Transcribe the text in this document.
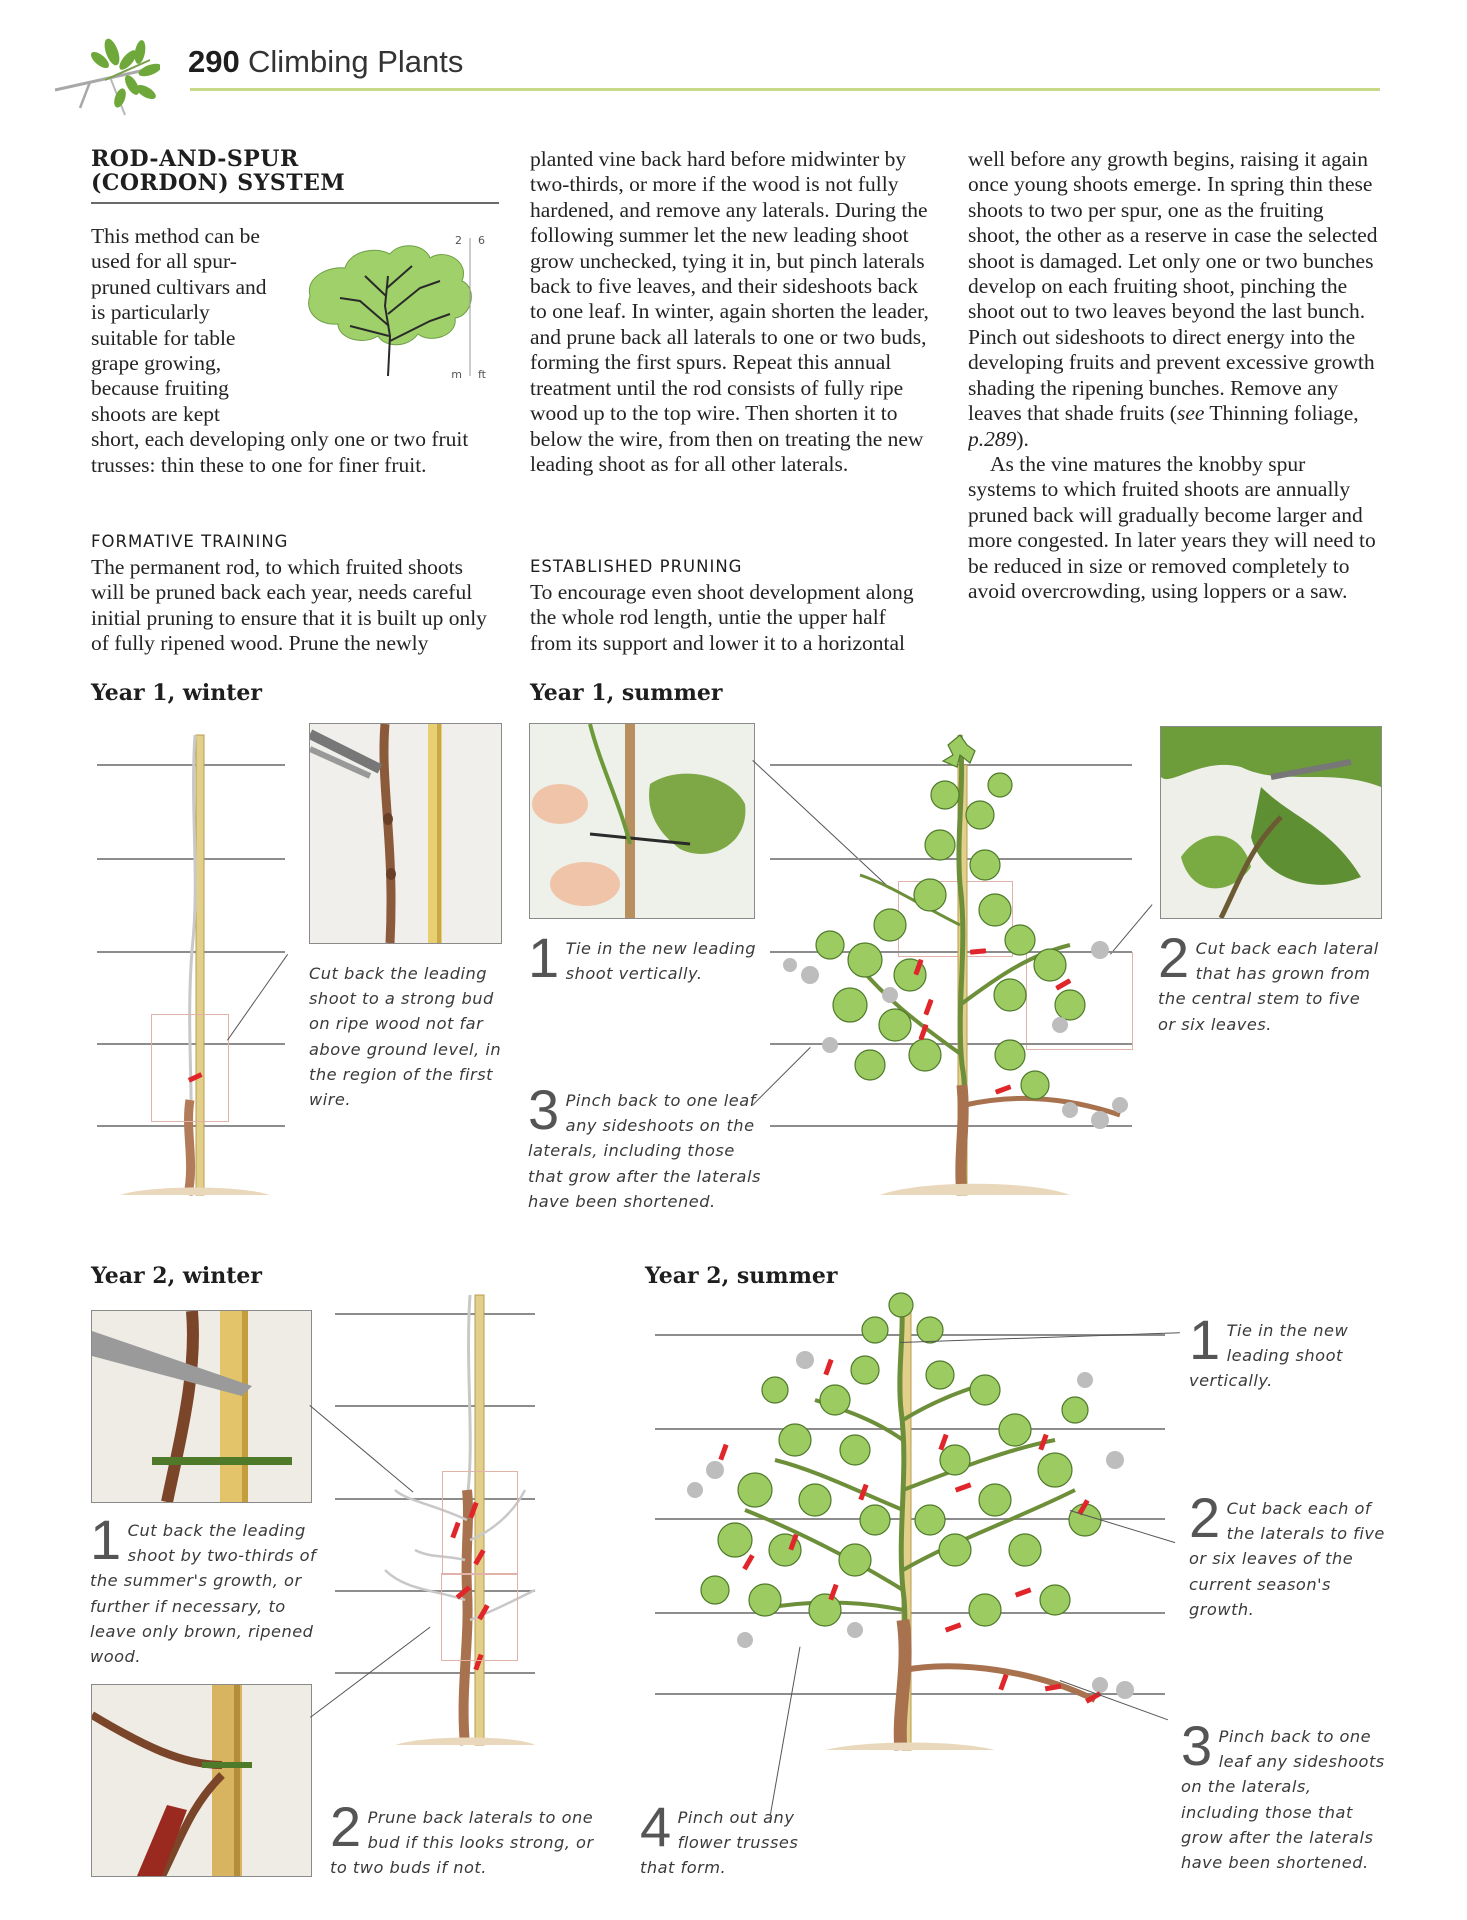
290 Climbing Plants
ROD-AND-SPUR (CORDON) SYSTEM
2 6
m ft

This method can be used for all spur-pruned cultivars and is particularly suitable for table grape growing, because fruiting shoots are kept short, each developing only one or two fruit trusses: thin these to one for finer fruit.

FORMATIVE TRAINING

The permanent rod, to which fruited shoots will be pruned back each year, needs careful initial pruning to ensure that it is built up only of fully ripened wood. Prune the newly

planted vine back hard before midwinter by two-thirds, or more if the wood is not fully hardened, and remove any laterals. During the following summer let the new leading shoot grow unchecked, tying it in, but pinch laterals back to five leaves, and their sideshoots back to one leaf. In winter, again shorten the leader, and prune back all laterals to one or two buds, forming the first spurs. Repeat this annual treatment until the rod consists of fully ripe wood up to the top wire. Then shorten it to below the wire, from then on treating the new leading shoot as for all other laterals.

ESTABLISHED PRUNING

To encourage even shoot development along the whole rod length, untie the upper half from its support and lower it to a horizontal

well before any growth begins, raising it again once young shoots emerge. In spring thin these shoots to two per spur, one as the fruiting shoot, the other as a reserve in case the selected shoot is damaged. Let only one or two bunches develop on each fruiting shoot, pinching the shoot out to two leaves beyond the last bunch. Pinch out sideshoots to direct energy into the developing fruits and prevent excessive growth shading the ripening bunches. Remove any leaves that shade fruits (see Thinning foliage, p.289).

As the vine matures the knobby spur systems to which fruited shoots are annually pruned back will gradually become larger and more congested. In later years they will need to be reduced in size or removed completely to avoid overcrowding, using loppers or a saw.

Year 1, winter
Cut back the leading shoot to a strong bud on ripe wood not far above ground level, in the region of the first wire.
Year 1, summer
1 Tie in the new leading shoot vertically.	2 Cut back each lateral that has grown from the central stem to five or six leaves.
3 Pinch back to one leaf any sideshoots on the laterals, including those that grow after the laterals have been shortened.
Year 2, winter
1 Cut back the leading shoot by two-thirds of the summer's growth, or further if necessary, to leave only brown, ripened wood.
2 Prune back laterals to one bud if this looks strong, or to two buds if not.
Year 2, summer
1 Tie in the new leading shoot vertically.
2 Cut back each of the laterals to five or six leaves of the current season's growth.
3 Pinch back to one leaf any sideshoots on the laterals, including those that grow after the laterals have been shortened.
4 Pinch out any flower trusses that form.
